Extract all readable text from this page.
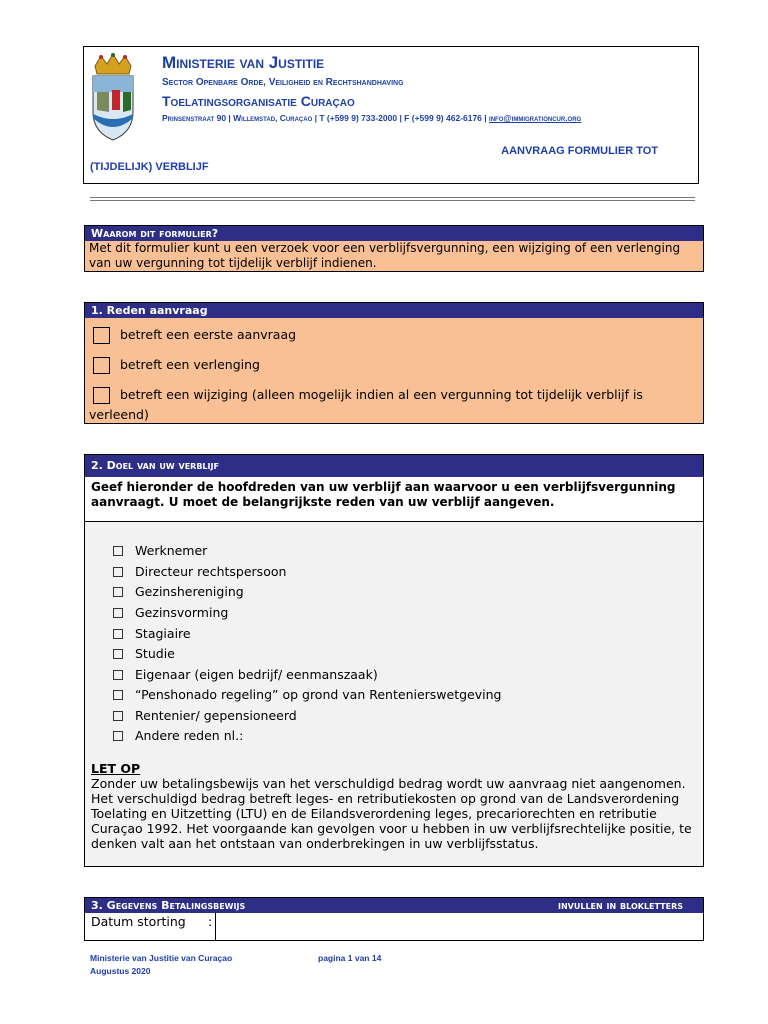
Ministerie van Justitie
Sector Openbare Orde, Veiligheid en Rechtshandhaving
Toelatingsorganisatie Curaçao
Prinsenstraat 90 | Willemstad, Curaçao | T (+599 9) 733-2000 | F (+599 9) 462-6176 | info@immigrationcur.org
AANVRAAG FORMULIER TOT
(TIJDELIJK) VERBLIJF
Waarom dit formulier?
Met dit formulier kunt u een verzoek voor een verblijfsvergunning, een wijziging of een verlenging van uw vergunning tot tijdelijk verblijf indienen.
1. Reden aanvraag
betreft een eerste aanvraag
betreft een verlenging
betreft een wijziging (alleen mogelijk indien al een vergunning tot tijdelijk verblijf is
verleend)
2. Doel van uw verblijf
Geef hieronder de hoofdreden van uw verblijf aan waarvoor u een verblijfsvergunning aanvraagt. U moet de belangrijkste reden van uw verblijf aangeven.
Werknemer
Directeur rechtspersoon
Gezinshereniging
Gezinsvorming
Stagiaire
Studie
Eigenaar (eigen bedrijf/ eenmanszaak)
“Penshonado regeling” op grond van Rentenierswetgeving
Rentenier/ gepensioneerd
Andere reden nl.:
LET OP
Zonder uw betalingsbewijs van het verschuldigd bedrag wordt uw aanvraag niet aangenomen. Het verschuldigd bedrag betreft leges- en retributiekosten op grond van de Landsverordening Toelating en Uitzetting (LTU) en de Eilandsverordening leges, precariorechten en retributie Curaçao 1992. Het voorgaande kan gevolgen voor u hebben in uw verblijfsrechtelijke positie, te denken valt aan het ontstaan van onderbrekingen in uw verblijfsstatus.
3. Gegevens Betalingsbewijs	invullen in blokletters
Datum storting :
Ministerie van Justitie van Curaçao
Augustus 2020
pagina 1 van 14
